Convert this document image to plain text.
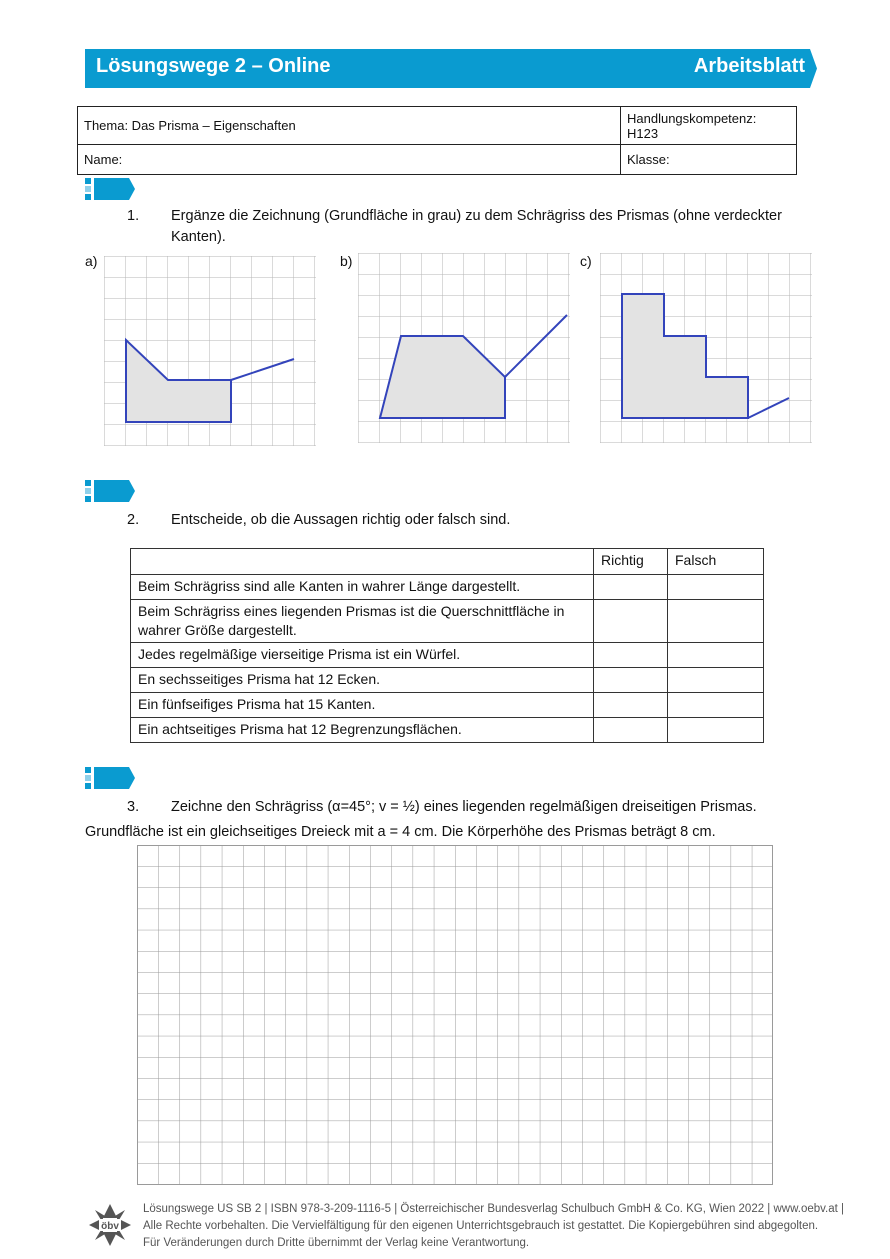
Lösungswege 2 – Online	Arbeitsblatt
Thema: Das Prisma – Eigenschaften	Handlungskompetenz:
H123

Name:	Klasse:
1.	Ergänze die Zeichnung (Grundfläche in grau) zu dem Schrägriss des Prismas (ohne verdeckter Kanten).
a)	b)	c)
2. Entscheide, ob die Aussagen richtig oder falsch sind.
	Richtig	Falsch
Beim Schrägriss sind alle Kanten in wahrer Länge dargestellt.		
Beim Schrägriss eines liegenden Prismas ist die Querschnittfläche in wahrer Größe dargestellt.		
Jedes regelmäßige vierseitige Prisma ist ein Würfel.		
En sechsseitiges Prisma hat 12 Ecken.		
Ein fünfseifiges Prisma hat 15 Kanten.		
Ein achtseitiges Prisma hat 12 Begrenzungsflächen.		
3. Zeichne den Schrägriss (α=45°; v = ½) eines liegenden regelmäßigen dreiseitigen Prismas.
Grundfläche ist ein gleichseitiges Dreieck mit a = 4 cm. Die Körperhöhe des Prismas beträgt 8 cm.
öbv
Lösungswege US SB 2 | ISBN 978-3-209-1116-5 | Österreichischer Bundesverlag Schulbuch GmbH & Co. KG, Wien 2022 | www.oebv.at |
Alle Rechte vorbehalten. Die Vervielfältigung für den eigenen Unterrichtsgebrauch ist gestattet. Die Kopiergebühren sind abgegolten.
Für Veränderungen durch Dritte übernimmt der Verlag keine Verantwortung.
